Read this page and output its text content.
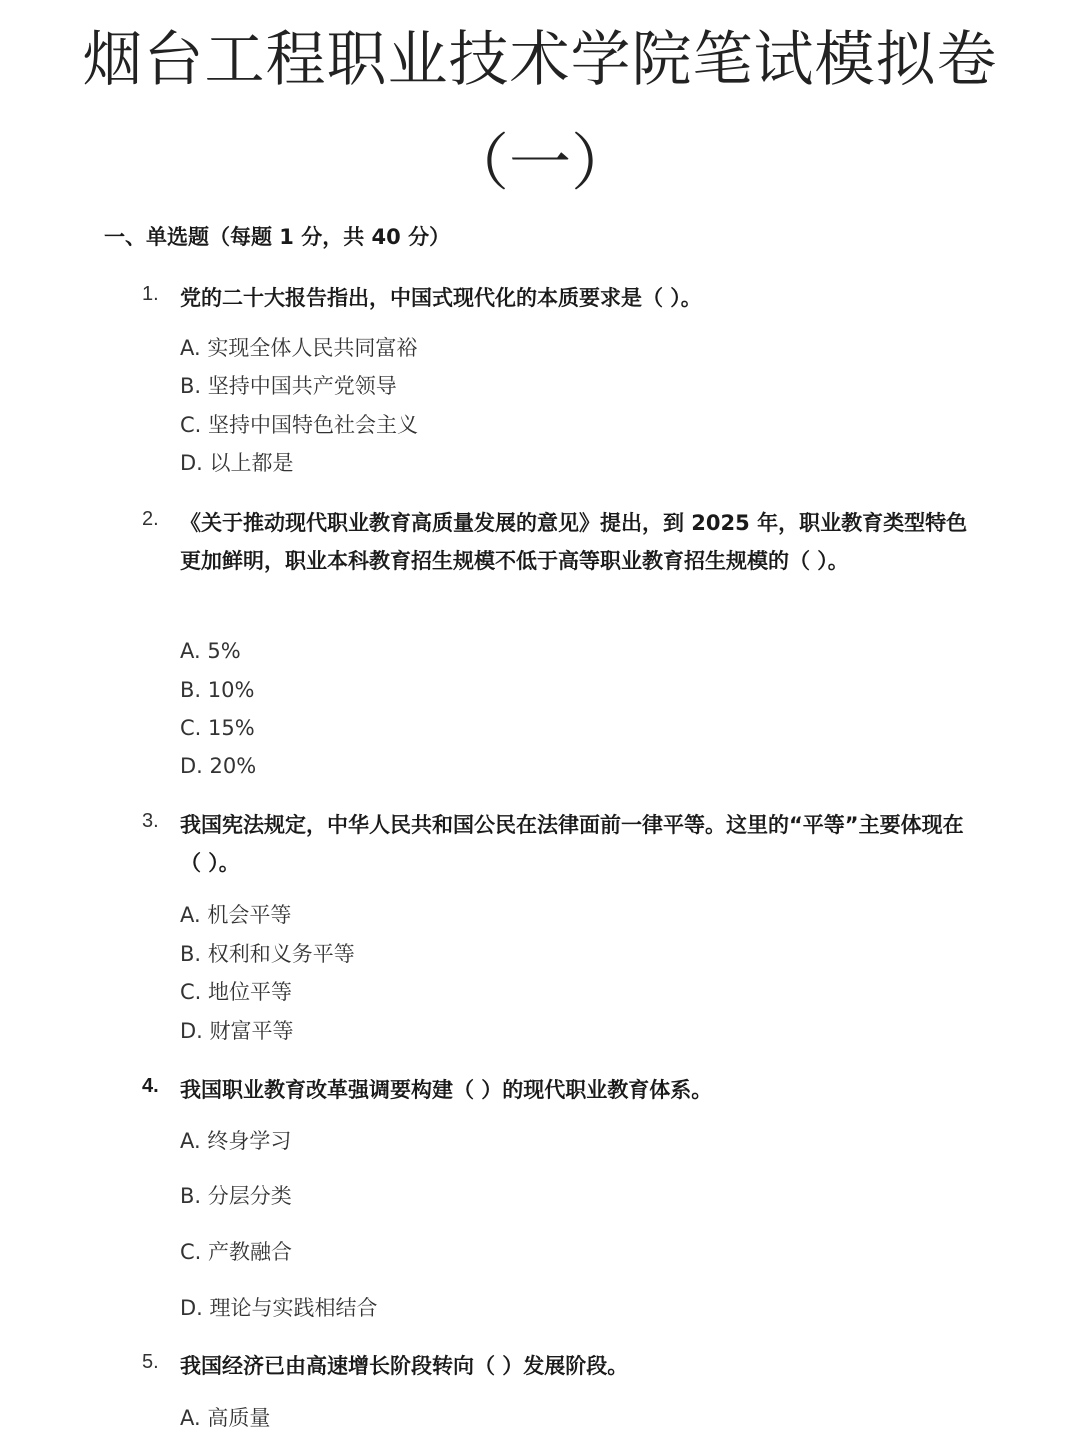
烟台工程职业技术学院笔试模拟卷
（一）
一、单选题（每题 1 分，共 40 分）
1. 党的二十大报告指出，中国式现代化的本质要求是（ ）。
A. 实现全体人民共同富裕
B. 坚持中国共产党领导
C. 坚持中国特色社会主义
D. 以上都是
2. 《关于推动现代职业教育高质量发展的意见》提出，到 2025 年，职业教育类型特色更加鲜明，职业本科教育招生规模不低于高等职业教育招生规模的（ ）。
A. 5%
B. 10%
C. 15%
D. 20%
3. 我国宪法规定，中华人民共和国公民在法律面前一律平等。这里的“平等”主要体现在（ ）。
A. 机会平等
B. 权利和义务平等
C. 地位平等
D. 财富平等
4. 我国职业教育改革强调要构建（ ）的现代职业教育体系。
A. 终身学习
B. 分层分类
C. 产教融合
D. 理论与实践相结合
5. 我国经济已由高速增长阶段转向（ ）发展阶段。
A. 高质量
